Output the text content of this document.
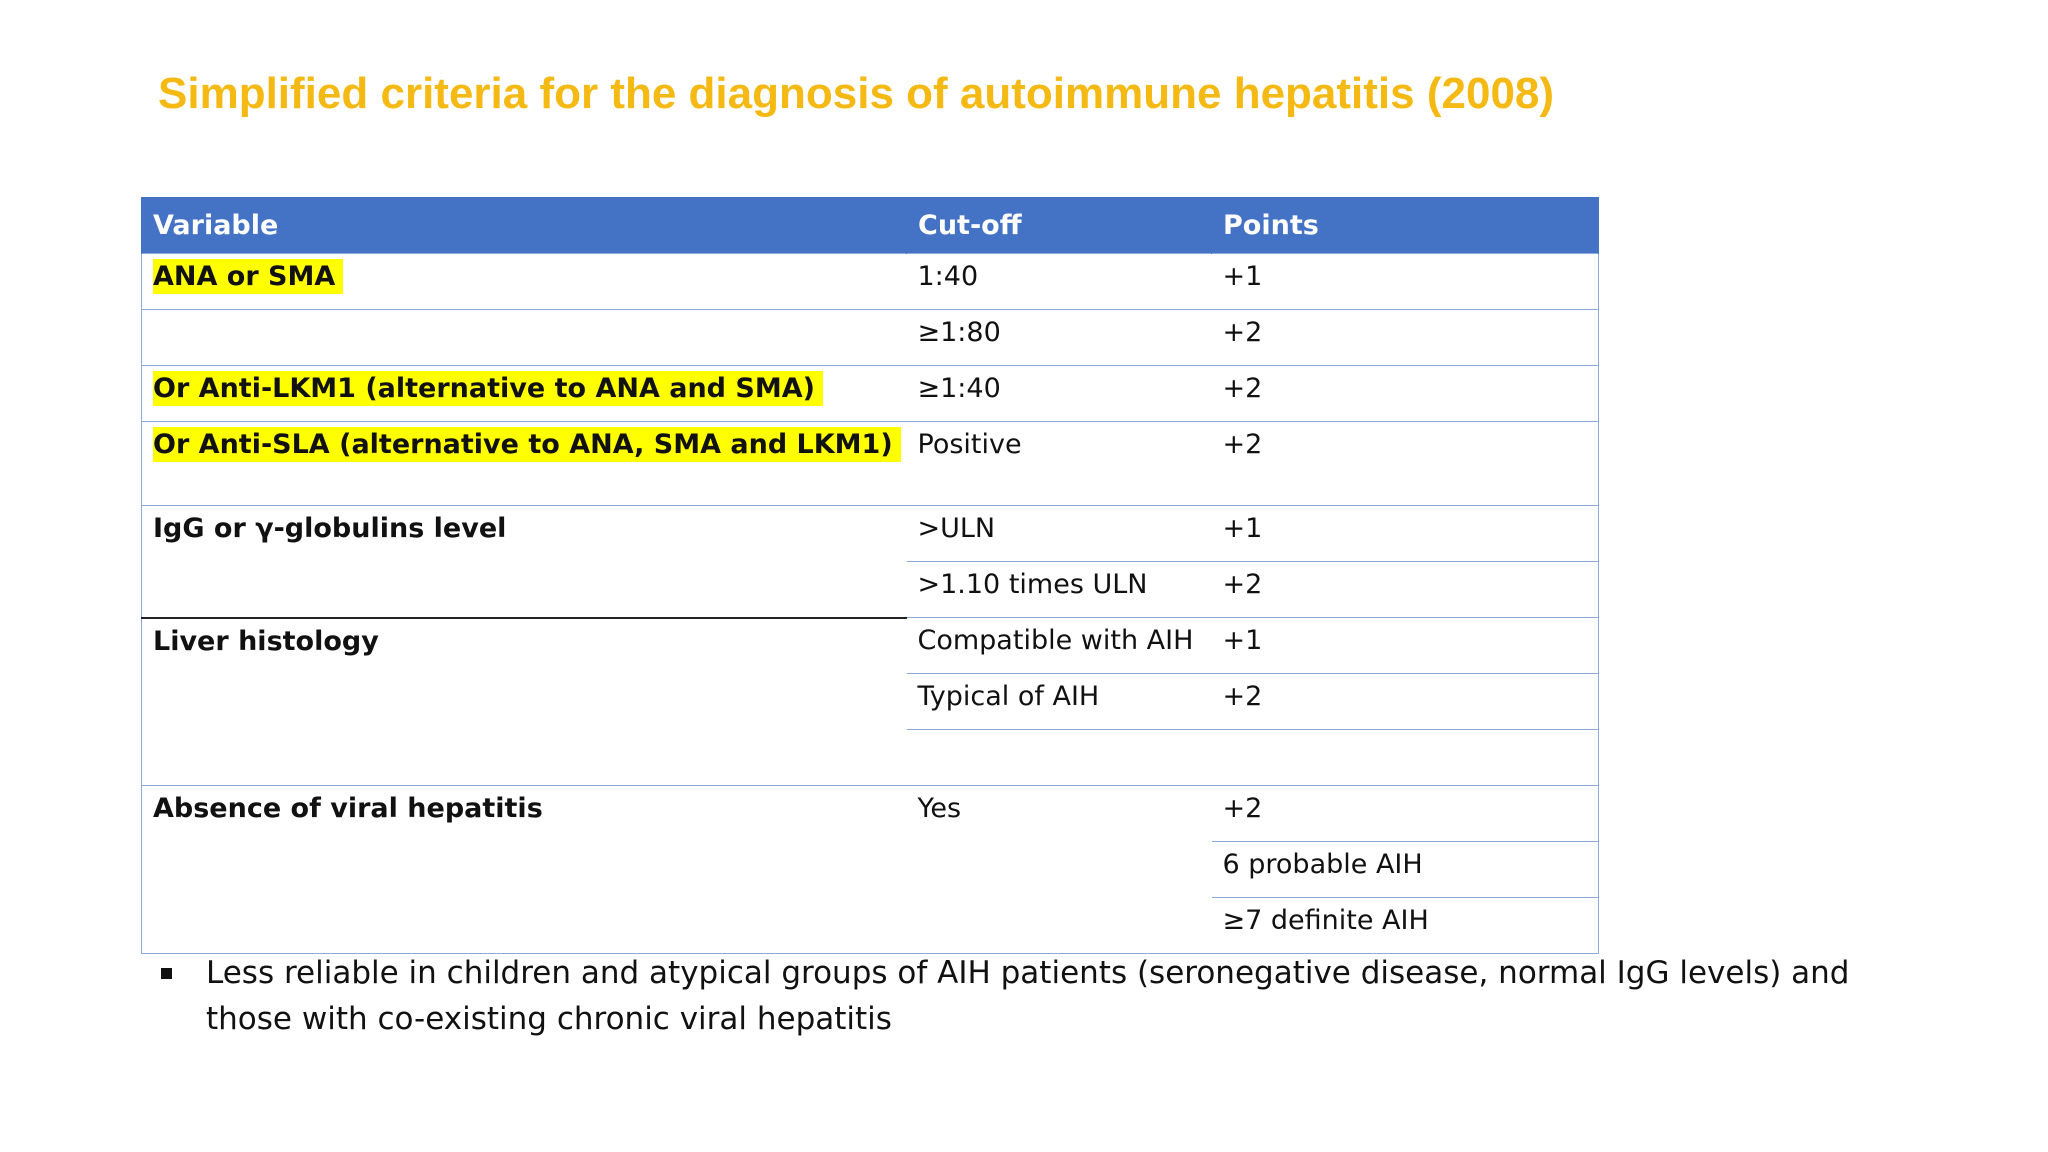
Simplified criteria for the diagnosis of autoimmune hepatitis (2008)
Variable	Cut-off	Points
ANA or SMA	1:40	+1
	≥1:80	+2
Or Anti-LKM1 (alternative to ANA and SMA)	≥1:40	+2
Or Anti-SLA (alternative to ANA, SMA and LKM1)	Positive	+2
IgG or γ-globulins level	>ULN	+1
	>1.10 times ULN	+2
Liver histology	Compatible with AIH	+1
	Typical of AIH	+2

Absence of viral hepatitis	Yes	+2
		6 probable AIH
		≥7 definite AIH
Less reliable in children and atypical groups of AIH patients (seronegative disease, normal IgG levels) and those with co-existing chronic viral hepatitis
